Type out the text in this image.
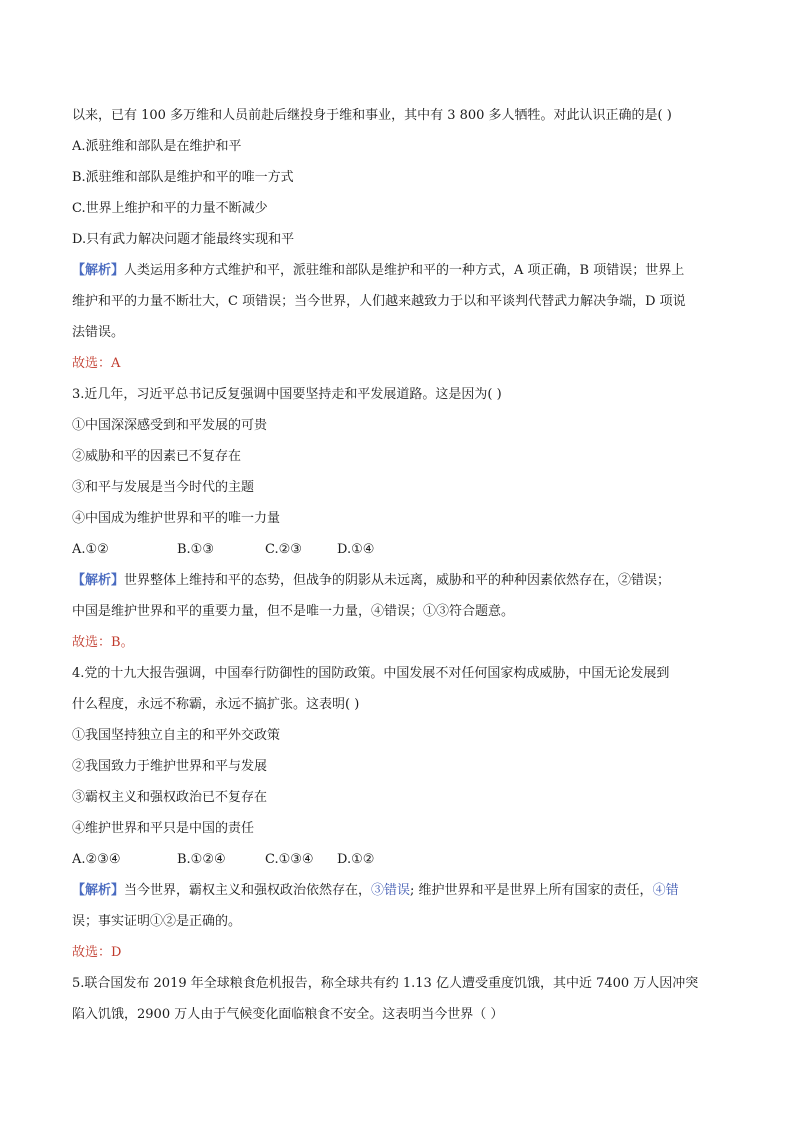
以来，已有 100 多万维和人员前赴后继投身于维和事业，其中有 3 800 多人牺牲。对此认识正确的是( )
A.派驻维和部队是在维护和平
B.派驻维和部队是维护和平的唯一方式
C.世界上维护和平的力量不断减少
D.只有武力解决问题才能最终实现和平
【解析】人类运用多种方式维护和平，派驻维和部队是维护和平的一种方式，A 项正确，B 项错误；世界上
维护和平的力量不断壮大，C 项错误；当今世界，人们越来越致力于以和平谈判代替武力解决争端，D 项说
法错误。
故选：A
3.近几年，习近平总书记反复强调中国要坚持走和平发展道路。这是因为( )
①中国深深感受到和平发展的可贵
②威胁和平的因素已不复存在
③和平与发展是当今时代的主题
④中国成为维护世界和平的唯一力量
A.①②	B.①③	C.②③	D.①④
【解析】世界整体上维持和平的态势，但战争的阴影从未远离，威胁和平的种种因素依然存在，②错误；
中国是维护世界和平的重要力量，但不是唯一力量，④错误；①③符合题意。
故选：B。
4.党的十九大报告强调，中国奉行防御性的国防政策。中国发展不对任何国家构成威胁，中国无论发展到
什么程度，永远不称霸，永远不搞扩张。这表明( )
①我国坚持独立自主的和平外交政策
②我国致力于维护世界和平与发展
③霸权主义和强权政治已不复存在
④维护世界和平只是中国的责任
A.②③④	B.①②④	C.①③④ D.①②
【解析】当今世界，霸权主义和强权政治依然存在，③错误; 维护世界和平是世界上所有国家的责任，④错
误；事实证明①②是正确的。
故选：D
5.联合国发布 2019 年全球粮食危机报告，称全球共有约 1.13 亿人遭受重度饥饿，其中近 7400 万人因冲突
陷入饥饿，2900 万人由于气候变化面临粮食不安全。这表明当今世界（ ）
